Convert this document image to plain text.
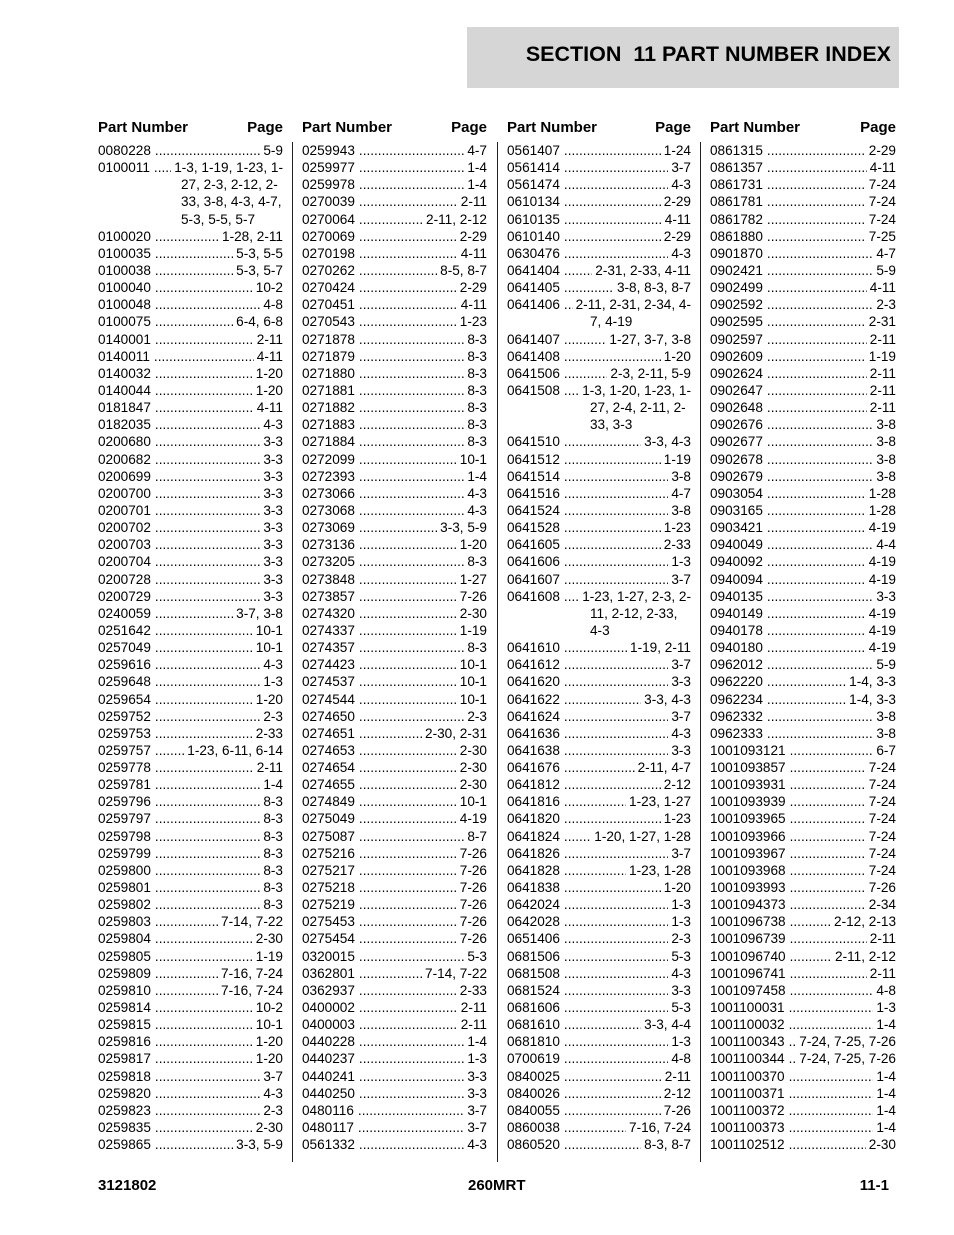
SECTION  11 PART NUMBER INDEX
Part Number	Page
0080228 .....	5-9
0100011 ..... 1-3, 1-19, 1-23, 1-
27, 2-3, 2-12, 2-
33, 3-8, 4-3, 4-7,
5-3, 5-5, 5-7
0100020 .....	1-28, 2-11
0100035 .....	5-3, 5-5
0100038 .....	5-3, 5-7
0100040 .....	10-2
0100048 .....	4-8
0100075 .....	6-4, 6-8
0140001 .....	2-11
0140011 .....	4-11
0140032 .....	1-20
0140044 .....	1-20
0181847 .....	4-11
0182035 .....	4-3
0200680 .....	3-3
0200682 .....	3-3
0200699 .....	3-3
0200700 .....	3-3
0200701 .....	3-3
0200702 .....	3-3
0200703 .....	3-3
0200704 .....	3-3
0200728 .....	3-3
0200729 .....	3-3
0240059 .....	3-7, 3-8
0251642 .....	10-1
0257049 .....	10-1
0259616 .....	4-3
0259648 .....	1-3
0259654 .....	1-20
0259752 .....	2-3
0259753 .....	2-33
0259757 .....	1-23, 6-11, 6-14
0259778 .....	2-11
0259781 .....	1-4
0259796 .....	8-3
0259797 .....	8-3
0259798 .....	8-3
0259799 .....	8-3
0259800 .....	8-3
0259801 .....	8-3
0259802 .....	8-3
0259803 .....	7-14, 7-22
0259804 .....	2-30
0259805 .....	1-19
0259809 .....	7-16, 7-24
0259810 .....	7-16, 7-24
0259814 .....	10-2
0259815 .....	10-1
0259816 .....	1-20
0259817 .....	1-20
0259818 .....	3-7
0259820 .....	4-3
0259823 .....	2-3
0259835 .....	2-30
0259865 .....	3-3, 5-9
Part Number	Page
0259943 .....	4-7
0259977 .....	1-4
0259978 .....	1-4
0270039 .....	2-11
0270064 .....	2-11, 2-12
0270069 .....	2-29
0270198 .....	4-11
0270262 .....	8-5, 8-7
0270424 .....	2-29
0270451 .....	4-11
0270543 .....	1-23
0271878 .....	8-3
0271879 .....	8-3
0271880 .....	8-3
0271881 .....	8-3
0271882 .....	8-3
0271883 .....	8-3
0271884 .....	8-3
0272099 .....	10-1
0272393 .....	1-4
0273066 .....	4-3
0273068 .....	4-3
0273069 .....	3-3, 5-9
0273136 .....	1-20
0273205 .....	8-3
0273848 .....	1-27
0273857 .....	7-26
0274320 .....	2-30
0274337 .....	1-19
0274357 .....	8-3
0274423 .....	10-1
0274537 .....	10-1
0274544 .....	10-1
0274650 .....	2-3
0274651 .....	2-30, 2-31
0274653 .....	2-30
0274654 .....	2-30
0274655 .....	2-30
0274849 .....	10-1
0275049 .....	4-19
0275087 .....	8-7
0275216 .....	7-26
0275217 .....	7-26
0275218 .....	7-26
0275219 .....	7-26
0275453 .....	7-26
0275454 .....	7-26
0320015 .....	5-3
0362801 .....	7-14, 7-22
0362937 .....	2-33
0400002 .....	2-11
0400003 .....	2-11
0440228 .....	1-4
0440237 .....	1-3
0440241 .....	3-3
0440250 .....	3-3
0480116 .....	3-7
0480117 .....	3-7
0561332 .....	4-3
Part Number	Page
0561407 .....	1-24
0561414 .....	3-7
0561474 .....	4-3
0610134 .....	2-29
0610135 .....	4-11
0610140 .....	2-29
0630476 .....	4-3
0641404 .....	2-31, 2-33, 4-11
0641405 .....	3-8, 8-3, 8-7
0641406 ..... 2-11, 2-31, 2-34, 4-
7, 4-19
0641407 .....	1-27, 3-7, 3-8
0641408 .....	1-20
0641506 .....	2-3, 2-11, 5-9
0641508 ..... 1-3, 1-20, 1-23, 1-
27, 2-4, 2-11, 2-
33, 3-3
0641510 .....	3-3, 4-3
0641512 .....	1-19
0641514 .....	3-8
0641516 .....	4-7
0641524 .....	3-8
0641528 .....	1-23
0641605 .....	2-33
0641606 .....	1-3
0641607 .....	3-7
0641608 ..... 1-23, 1-27, 2-3, 2-
11, 2-12, 2-33,
4-3
0641610 .....	1-19, 2-11
0641612 .....	3-7
0641620 .....	3-3
0641622 .....	3-3, 4-3
0641624 .....	3-7
0641636 .....	4-3
0641638 .....	3-3
0641676 .....	2-11, 4-7
0641812 .....	2-12
0641816 .....	1-23, 1-27
0641820 .....	1-23
0641824 .....	1-20, 1-27, 1-28
0641826 .....	3-7
0641828 .....	1-23, 1-28
0641838 .....	1-20
0642024 .....	1-3
0642028 .....	1-3
0651406 .....	2-3
0681506 .....	5-3
0681508 .....	4-3
0681524 .....	3-3
0681606 .....	5-3
0681610 .....	3-3, 4-4
0681810 .....	1-3
0700619 .....	4-8
0840025 .....	2-11
0840026 .....	2-12
0840055 .....	7-26
0860038 .....	7-16, 7-24
0860520 .....	8-3, 8-7
Part Number	Page
0861315 .....	2-29
0861357 .....	4-11
0861731 .....	7-24
0861781 .....	7-24
0861782 .....	7-24
0861880 .....	7-25
0901870 .....	4-7
0902421 .....	5-9
0902499 .....	4-11
0902592 .....	2-3
0902595 .....	2-31
0902597 .....	2-11
0902609 .....	1-19
0902624 .....	2-11
0902647 .....	2-11
0902648 .....	2-11
0902676 .....	3-8
0902677 .....	3-8
0902678 .....	3-8
0902679 .....	3-8
0903054 .....	1-28
0903165 .....	1-28
0903421 .....	4-19
0940049 .....	4-4
0940092 .....	4-19
0940094 .....	4-19
0940135 .....	3-3
0940149 .....	4-19
0940178 .....	4-19
0940180 .....	4-19
0962012 .....	5-9
0962220 .....	1-4, 3-3
0962234 .....	1-4, 3-3
0962332 .....	3-8
0962333 .....	3-8
1001093121 .....	6-7
1001093857 .....	7-24
1001093931 .....	7-24
1001093939 .....	7-24
1001093965 .....	7-24
1001093966 .....	7-24
1001093967 .....	7-24
1001093968 .....	7-24
1001093993 .....	7-26
1001094373 .....	2-34
1001096738 .....	2-12, 2-13
1001096739 .....	2-11
1001096740 .....	2-11, 2-12
1001096741 .....	2-11
1001097458 .....	4-8
1001100031 .....	1-3
1001100032 .....	1-4
1001100343 ..... 7-24, 7-25, 7-26
1001100344 ..... 7-24, 7-25, 7-26
1001100370 .....	1-4
1001100371 .....	1-4
1001100372 .....	1-4
1001100373 .....	1-4
1001102512 .....	2-30
3121802	260MRT	11-1
